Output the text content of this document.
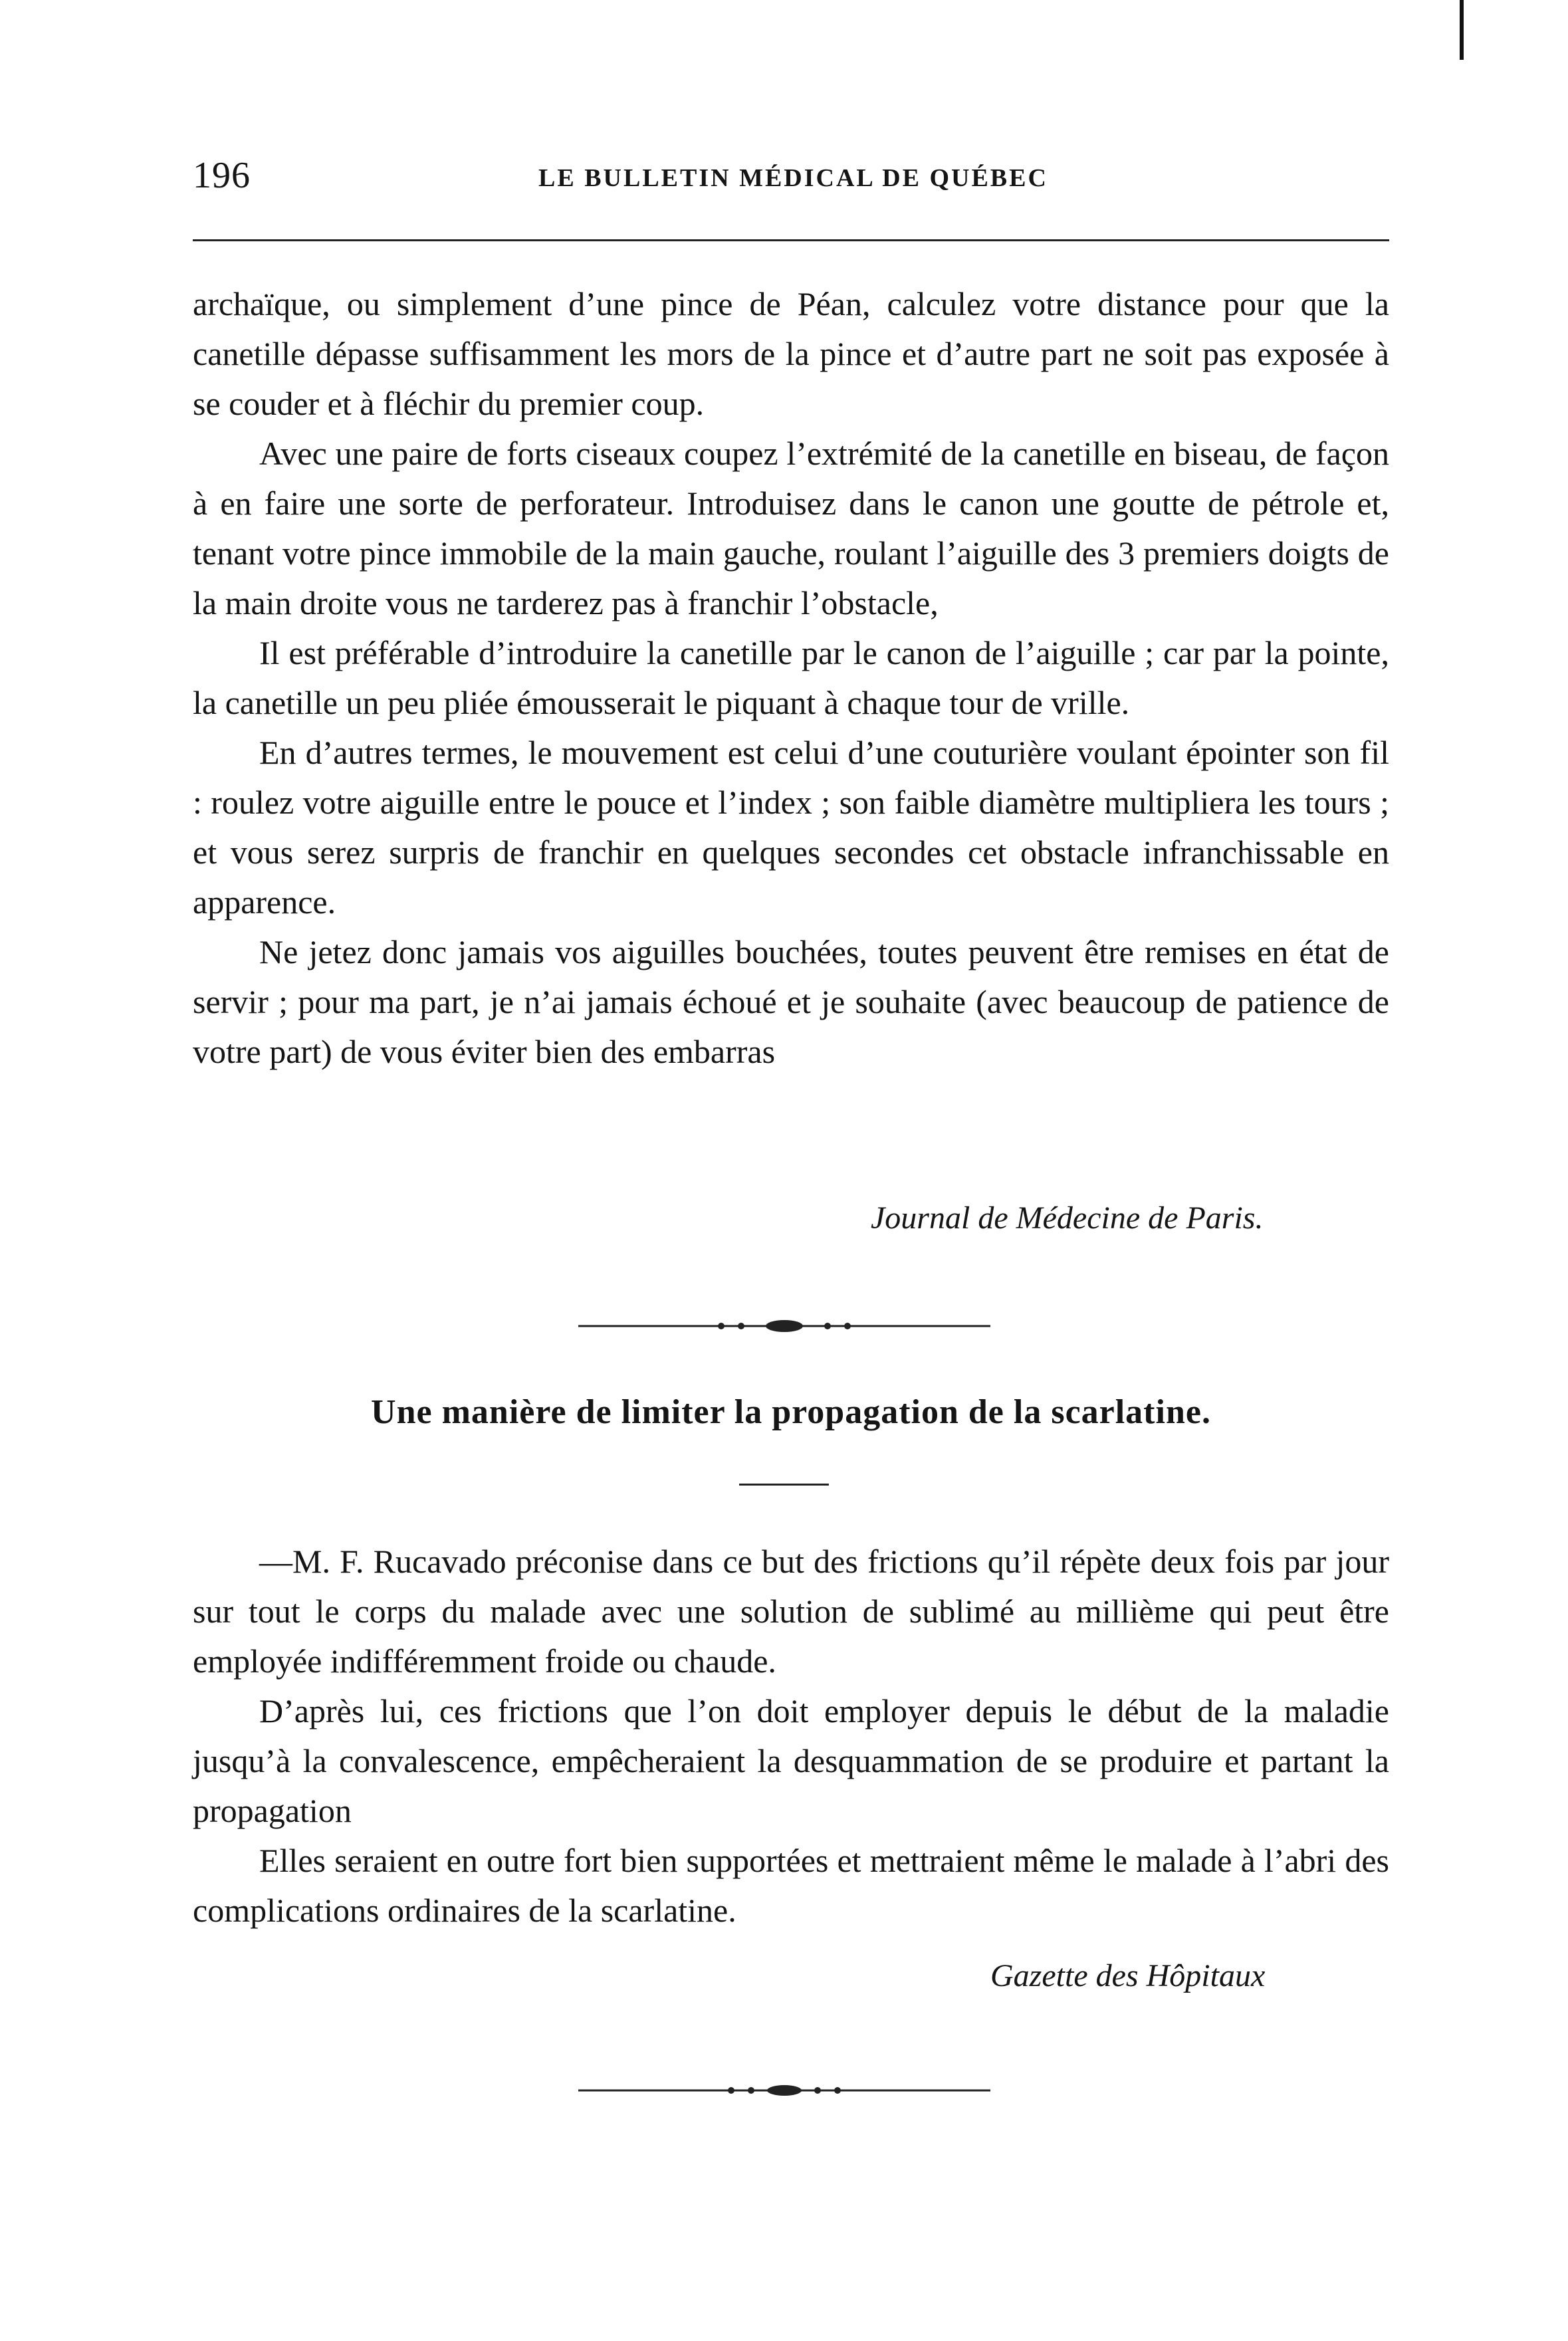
196	LE BULLETIN MÉDICAL DE QUÉBEC

archaïque, ou simplement d’une pince de Péan, calculez votre distance pour que la canetille dépasse suffisamment les mors de la pince et d’autre part ne soit pas exposée à se couder et à fléchir du premier coup.

Avec une paire de forts ciseaux coupez l’extrémité de la canetille en biseau, de façon à en faire une sorte de perforateur. Introduisez dans le canon une goutte de pétrole et, tenant votre pince immobile de la main gauche, roulant l’aiguille des 3 premiers doigts de la main droite vous ne tarderez pas à franchir l’obstacle,

Il est préférable d’introduire la canetille par le canon de l’aiguille ; car par la pointe, la canetille un peu pliée émousserait le piquant à chaque tour de vrille.

En d’autres termes, le mouvement est celui d’une couturière voulant épointer son fil : roulez votre aiguille entre le pouce et l’index ; son faible diamètre multipliera les tours ; et vous serez surpris de franchir en quelques secondes cet obstacle infranchissable en apparence.

Ne jetez donc jamais vos aiguilles bouchées, toutes peuvent être remises en état de servir ; pour ma part, je n’ai jamais échoué et je souhaite (avec beaucoup de patience de votre part) de vous éviter bien des embarras

Journal de Médecine de Paris.
Une manière de limiter la propagation de la scarlatine.

—M. F. Rucavado préconise dans ce but des frictions qu’il répète deux fois par jour sur tout le corps du malade avec une solution de sublimé au millième qui peut être employée indifféremment froide ou chaude.

D’après lui, ces frictions que l’on doit employer depuis le début de la maladie jusqu’à la convalescence, empêcheraient la desquammation de se produire et partant la propagation

Elles seraient en outre fort bien supportées et mettraient même le malade à l’abri des complications ordinaires de la scarlatine.

Gazette des Hôpitaux
